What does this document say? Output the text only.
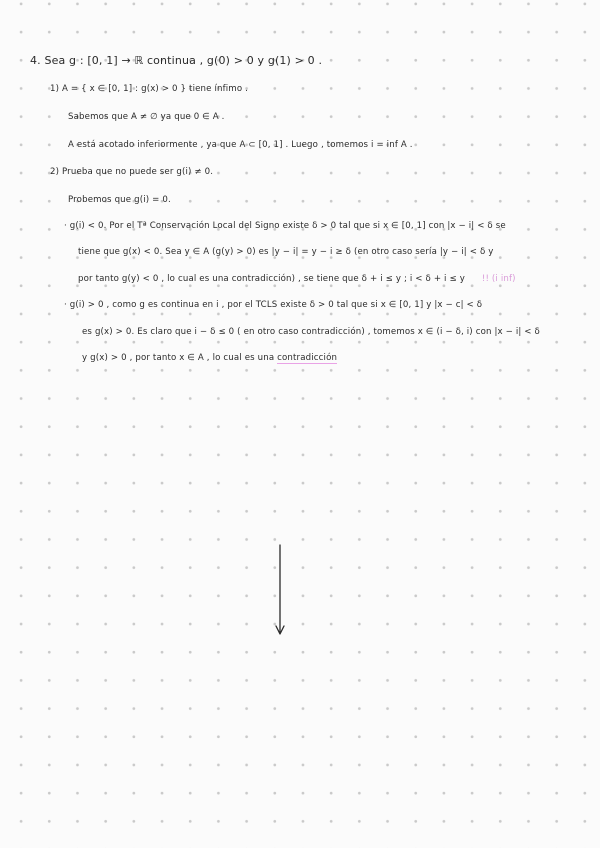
4. Sea g : [0, 1] → ℝ continua , g(0) > 0 y g(1) > 0 .
1) A = { x ∈ [0, 1] : g(x) > 0 } tiene ínfimo .
Sabemos que A ≠ ∅ ya que 0 ∈ A .
A está acotado inferiormente , ya que A ⊂ [0, 1] . Luego , tomemos i = inf A .
2) Prueba que no puede ser g(i) ≠ 0.
Probemos que g(i) = 0.
· g(i) < 0. Por el Tª Conservación Local del Signo existe δ > 0 tal que si x ∈ [0, 1] con |x − i| < δ se
tiene que g(x) < 0. Sea y ∈ A (g(y) > 0) es |y − i| = y − i ≥ δ (en otro caso sería |y − i| < δ y
por tanto g(y) < 0 , lo cual es una contradicción) , se tiene que δ + i ≤ y ; i < δ + i ≤ y !! (i inf)
· g(i) > 0 , como g es continua en i , por el TCLS existe δ > 0 tal que si x ∈ [0, 1] y |x − c| < δ
es g(x) > 0. Es claro que i − δ ≤ 0 ( en otro caso contradicción) , tomemos x ∈ (i − δ, i) con |x − i| < δ
y g(x) > 0 , por tanto x ∈ A , lo cual es una contradicción
